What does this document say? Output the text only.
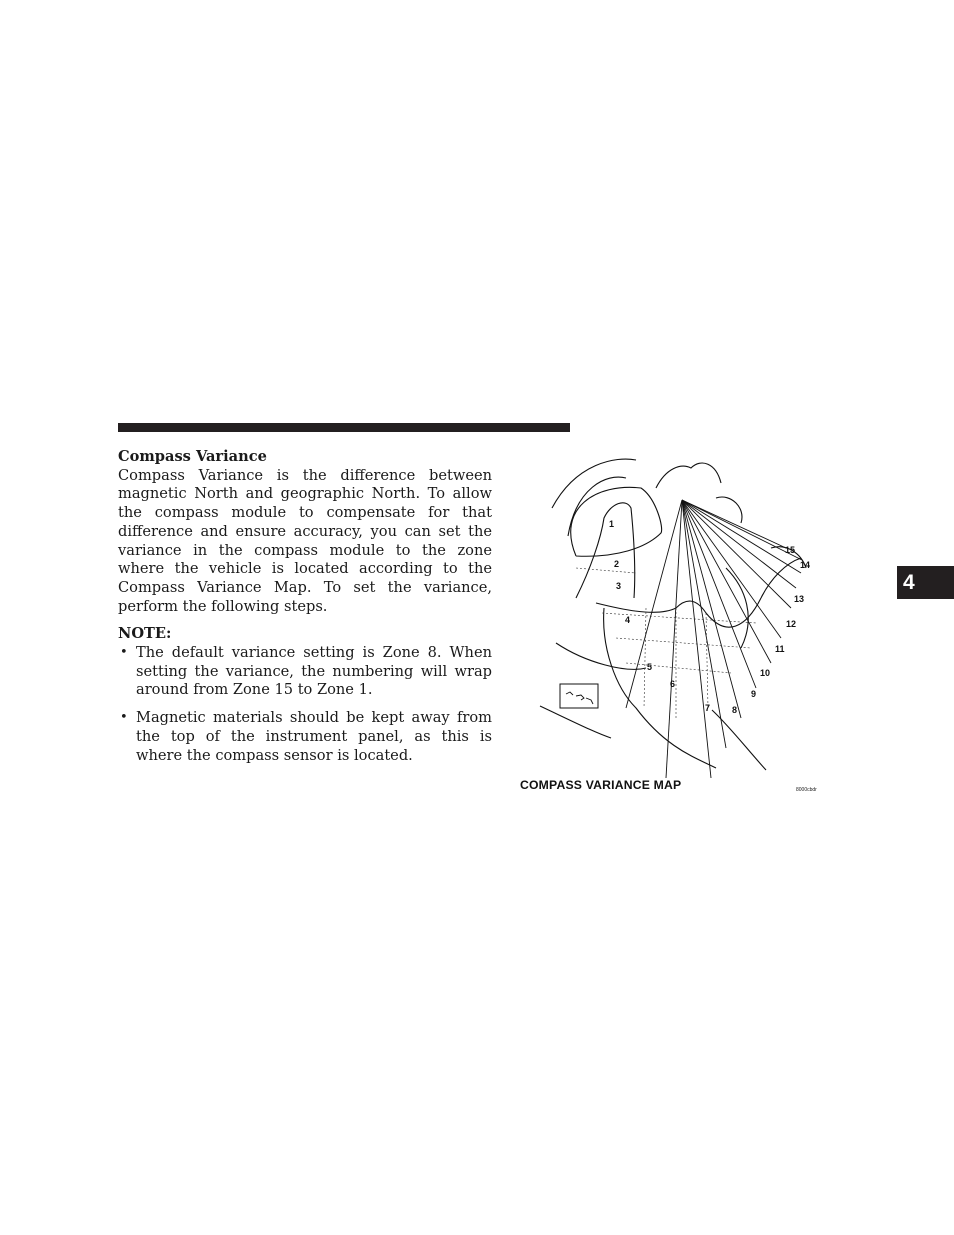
Compass Variance

Compass Variance is the difference between magnetic North and geographic North. To allow the compass module to compensate for that difference and ensure accuracy, you can set the variance in the compass module to the zone where the vehicle is located according to the Compass Variance Map. To set the variance, perform the following steps.

NOTE:

• The default variance setting is Zone 8. When setting the variance, the numbering will wrap around from Zone 15 to Zone 1.
• Magnetic materials should be kept away from the top of the instrument panel, as this is where the compass sensor is located.
1
2
3
4
5
6
7 8
9
10
11
12
13
14
15
COMPASS VARIANCE MAP	8000cbdr
4
